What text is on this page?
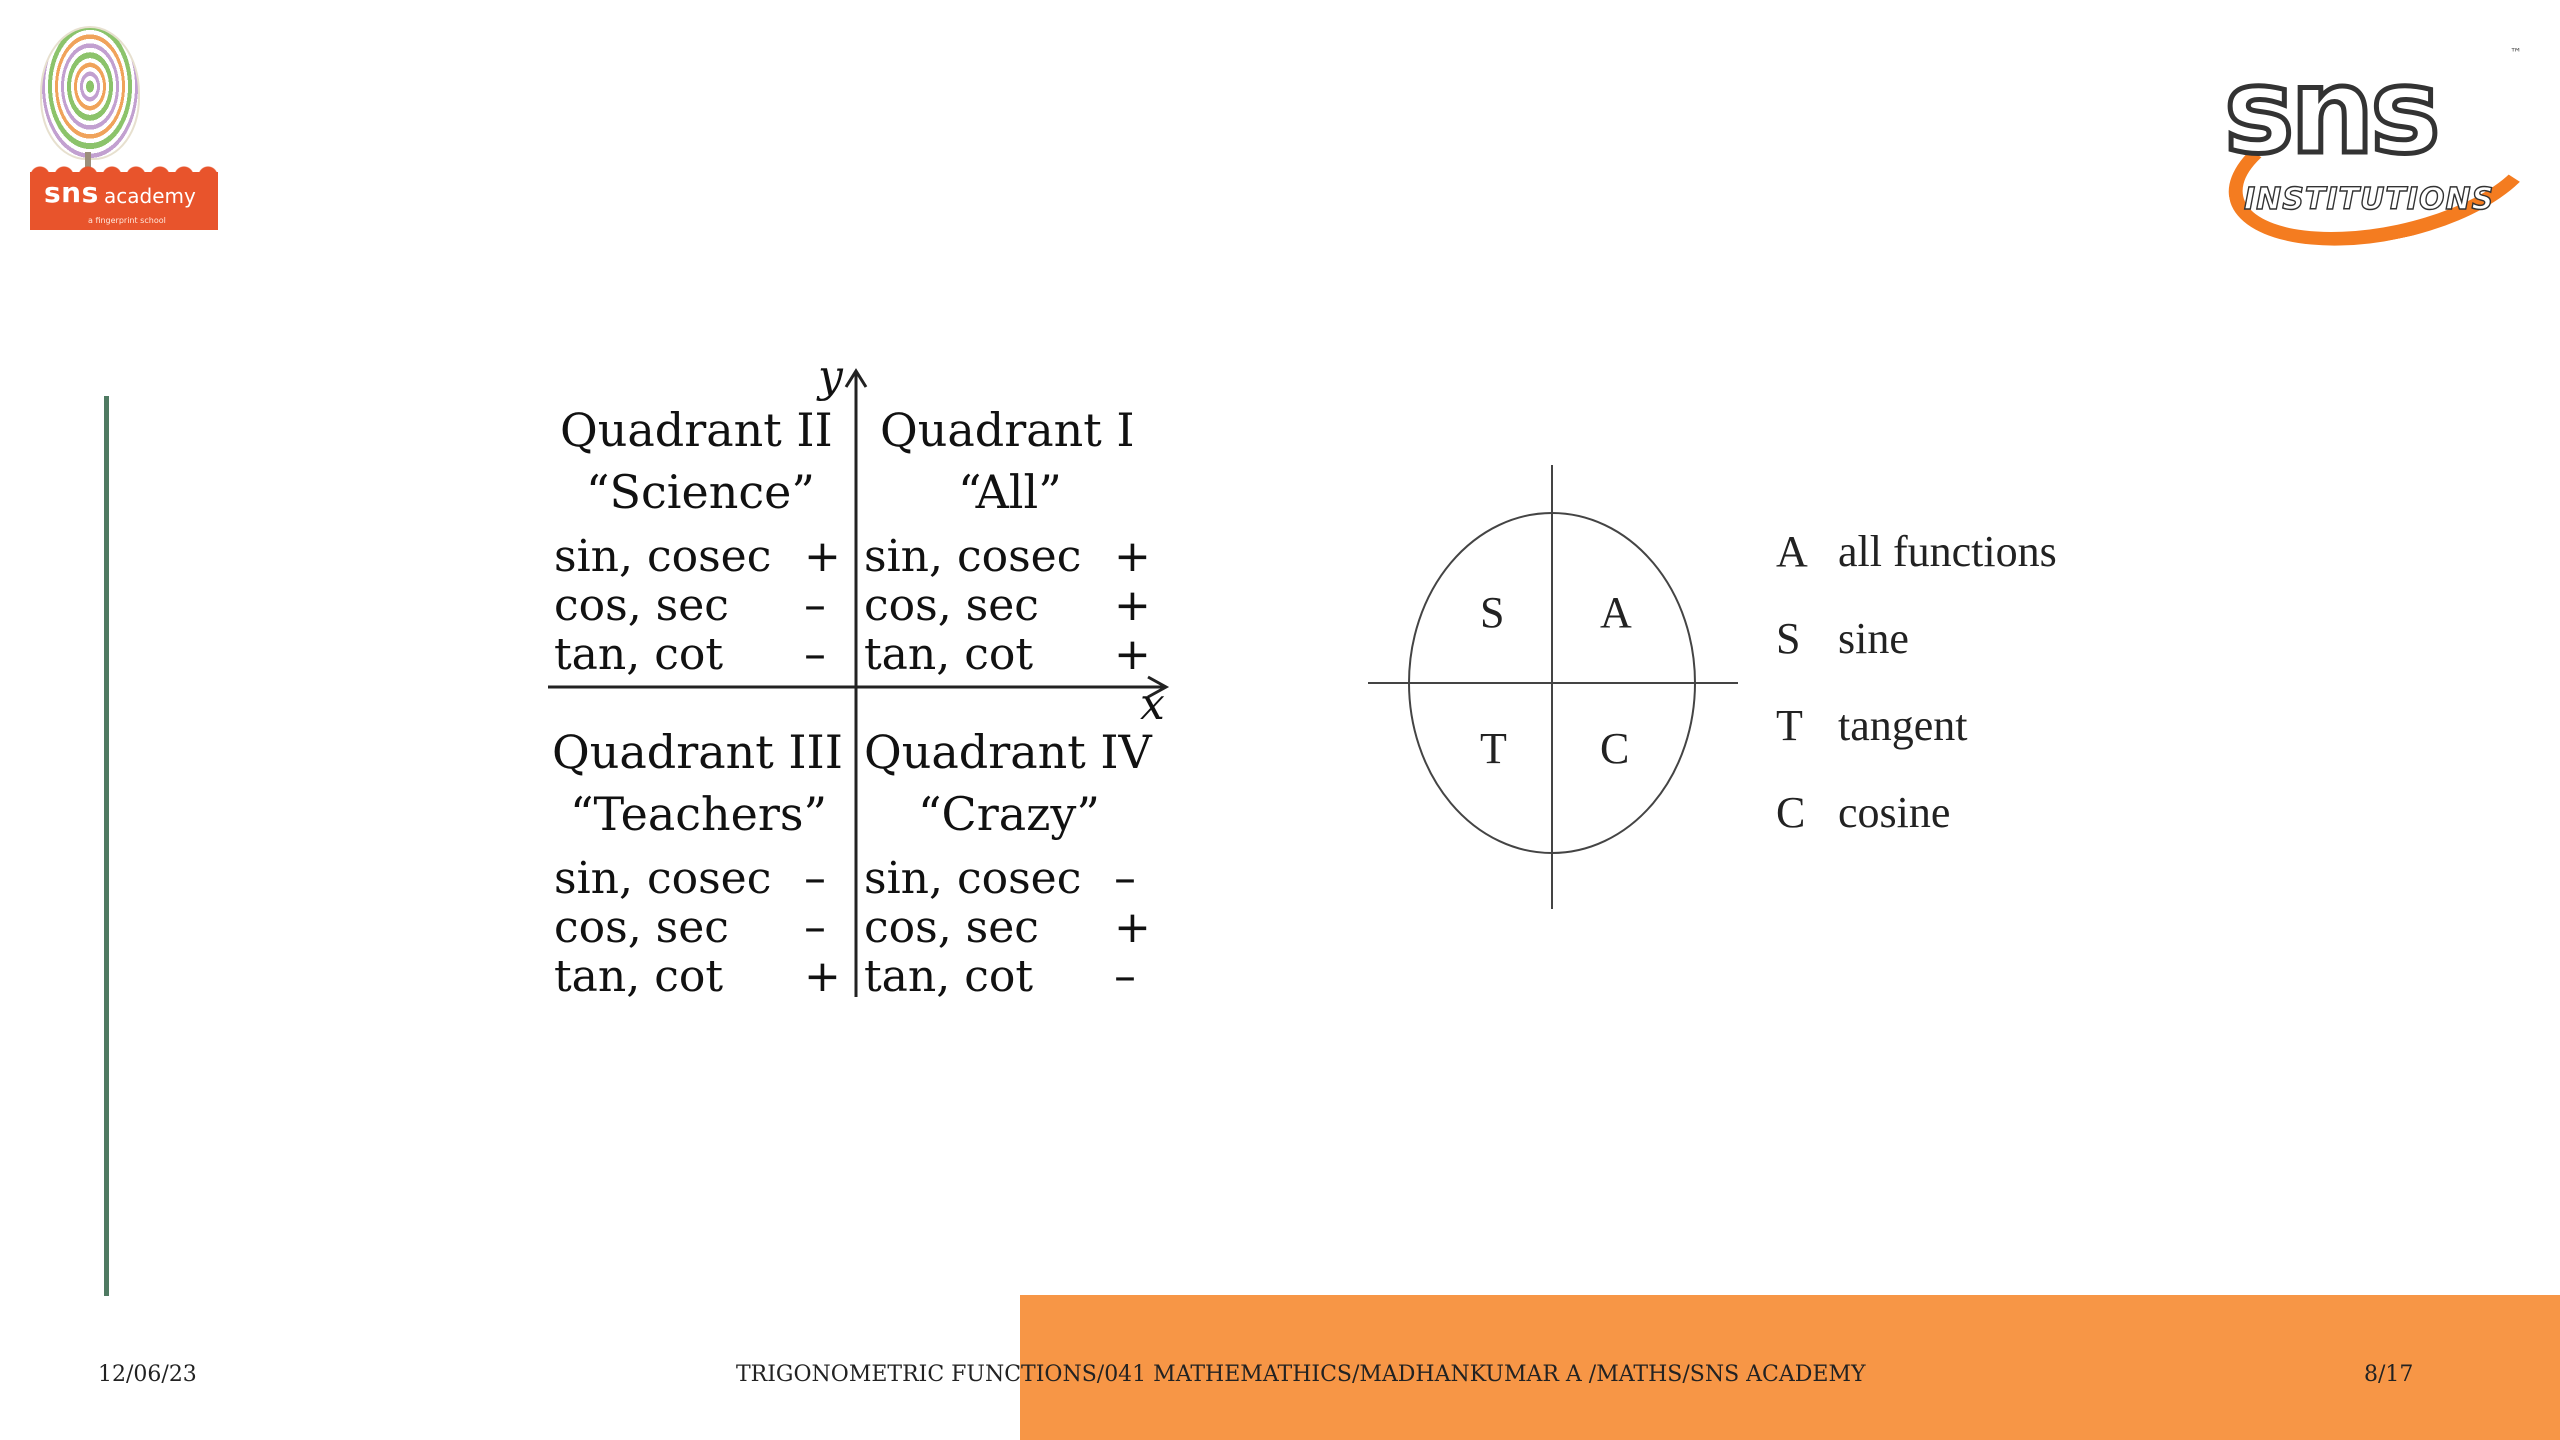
sns academy
a fingerprint school
sns
INSTITUTIONS
™
y
x
Quadrant II
“Science”
sin, cosec +
cos, sec –
tan, cot –
Quadrant I
“All”
sin, cosec +
cos, sec +
tan, cot +
Quadrant III
“Teachers”
sin, cosec –
cos, sec –
tan, cot +
Quadrant IV
“Crazy”
sin, cosec –
cos, sec +
tan, cot –
S A
T C
A all functions
S sine
T tangent
C cosine
12/06/23	TRIGONOMETRIC FUNCTIONS/041 MATHEMATHICS/MADHANKUMAR A /MATHS/SNS ACADEMY	8/17
